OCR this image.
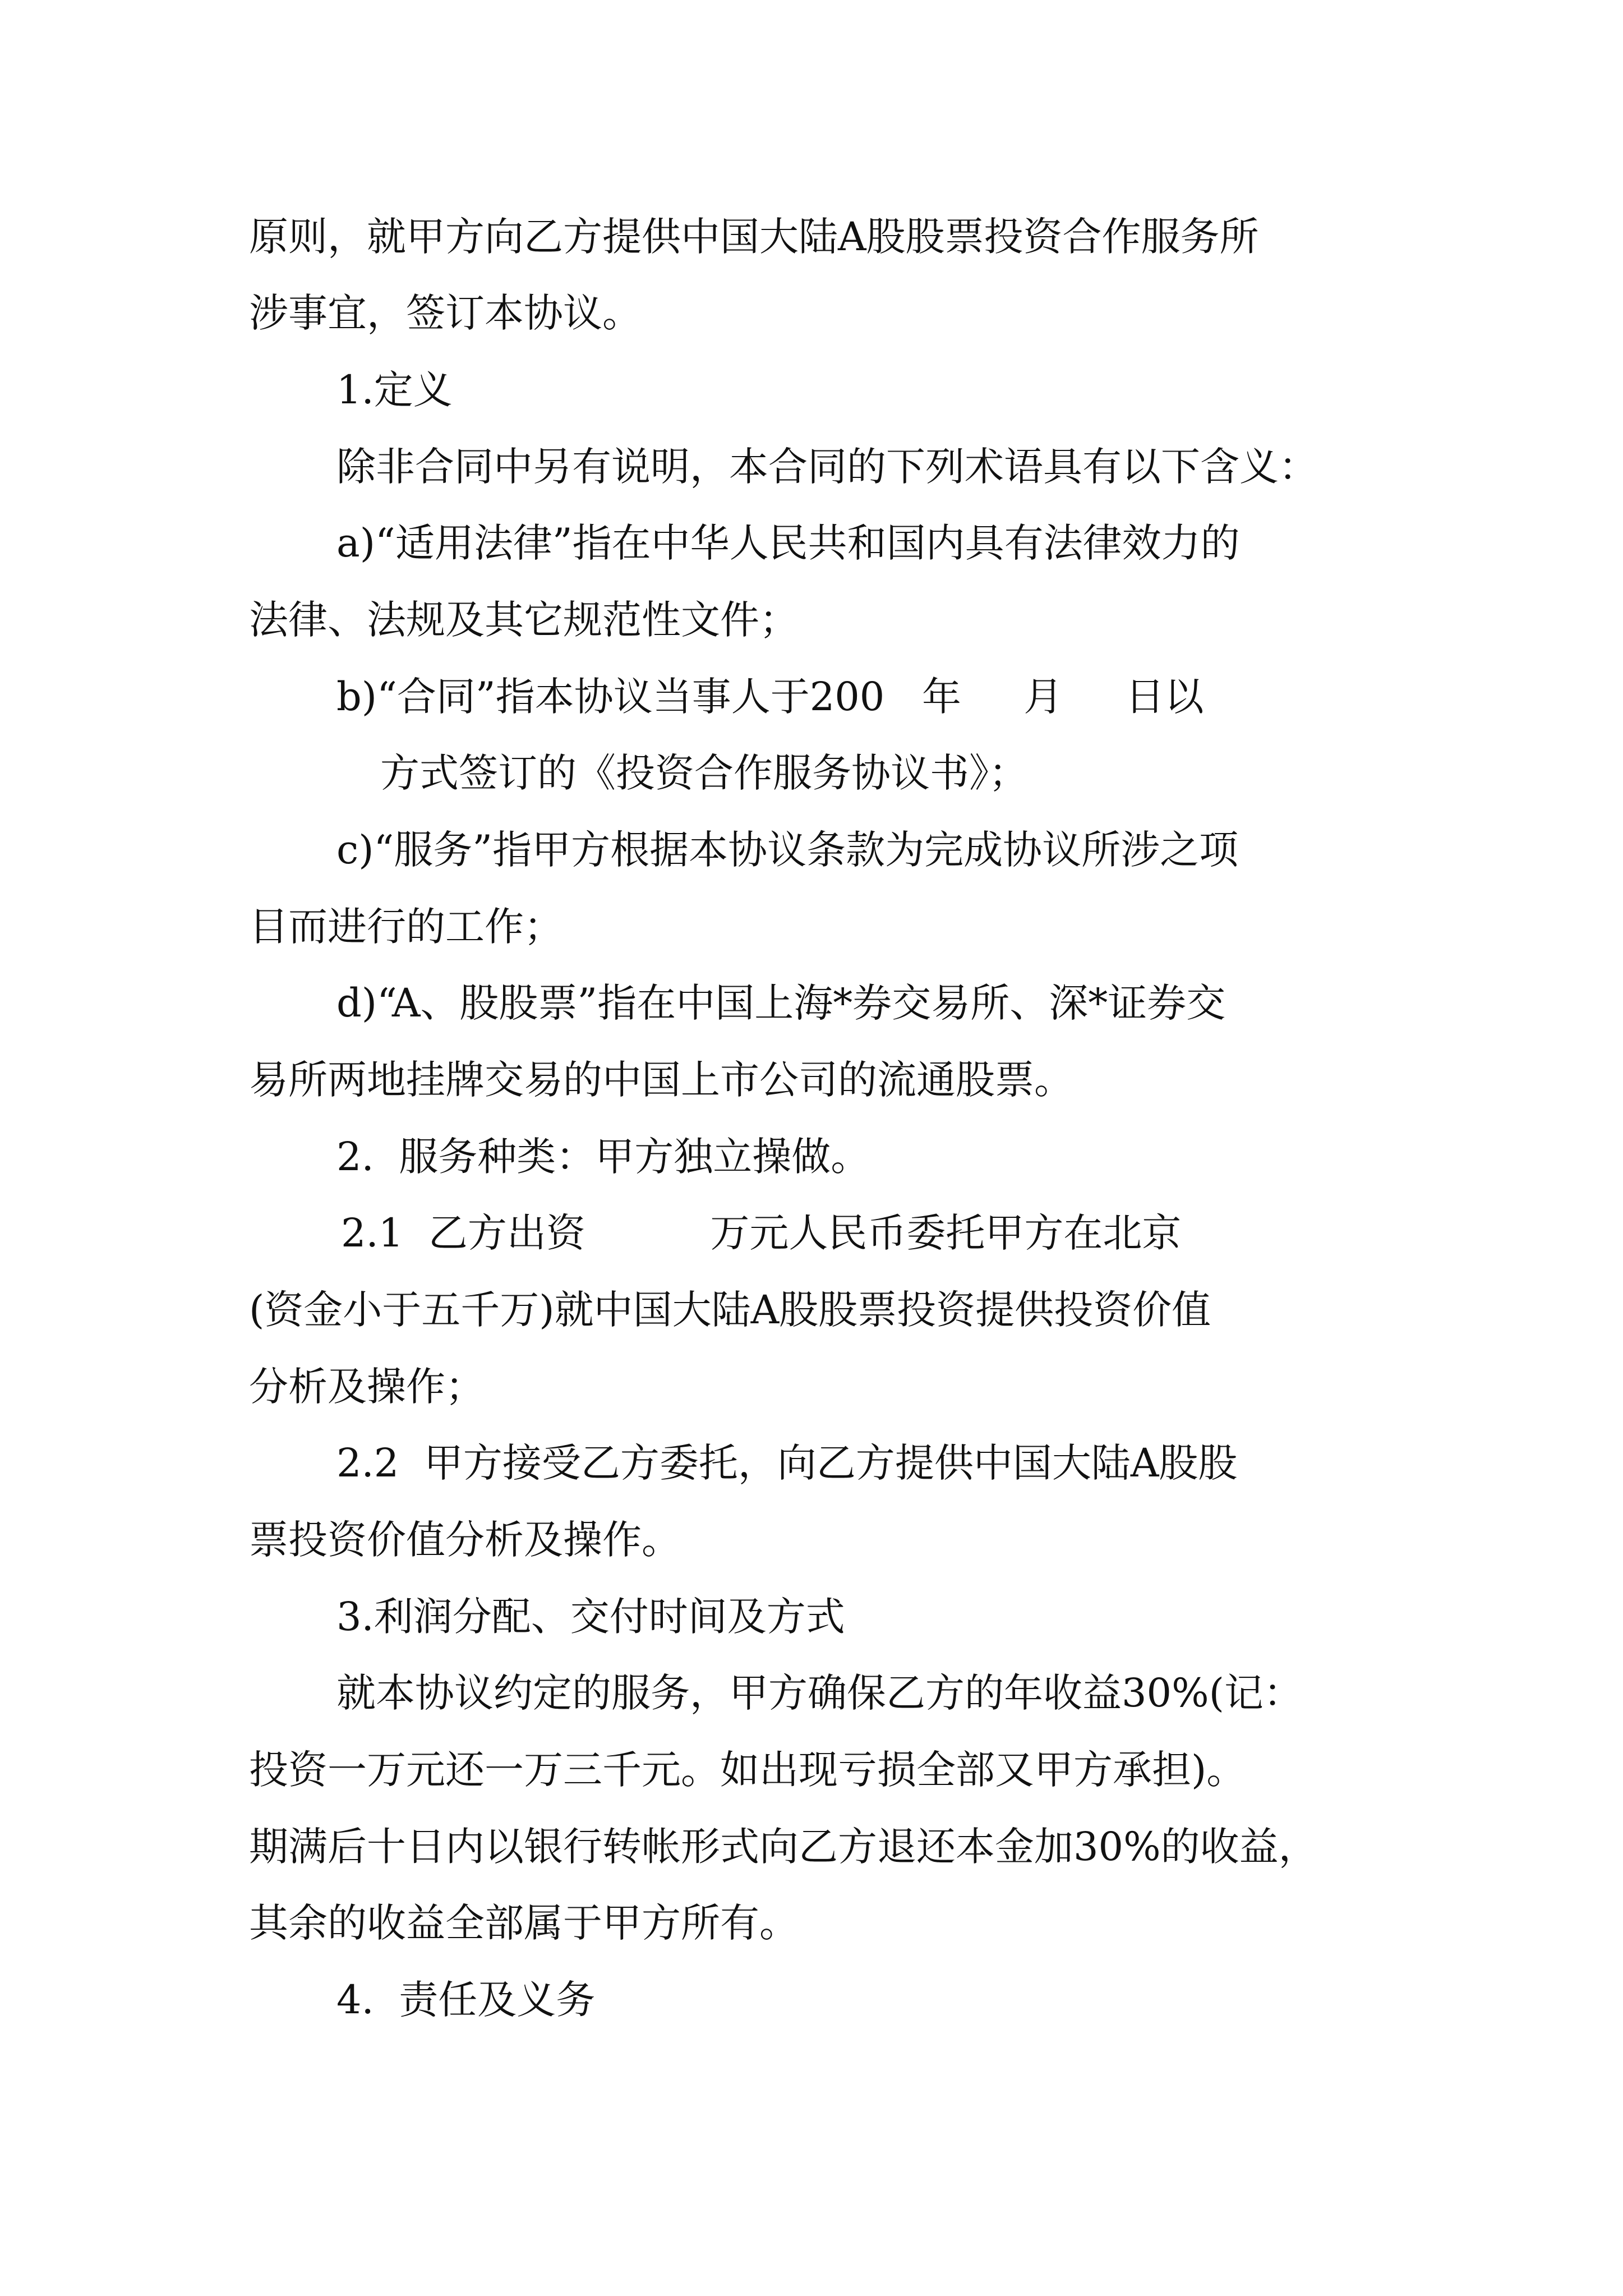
原则，就甲方向乙方提供中国大陆A股股票投资合作服务所

涉事宜，签订本协议。

1.定义

除非合同中另有说明，本合同的下列术语具有以下含义：

a)“适用法律”指在中华人民共和国内具有法律效力的

法律、法规及其它规范性文件；

b)“合同”指本协议当事人于200   年     月     日以

方式签订的《投资合作服务协议书》；

c)“服务”指甲方根据本协议条款为完成协议所涉之项

目而进行的工作；

d)“A、股股票”指在中国上海*券交易所、深*证券交

易所两地挂牌交易的中国上市公司的流通股票。

2.  服务种类：甲方独立操做。

2.1  乙方出资          万元人民币委托甲方在北京

(资金小于五千万)就中国大陆A股股票投资提供投资价值

分析及操作；

2.2  甲方接受乙方委托，向乙方提供中国大陆A股股

票投资价值分析及操作。

3.利润分配、交付时间及方式

就本协议约定的服务，甲方确保乙方的年收益30%(记：

投资一万元还一万三千元。如出现亏损全部又甲方承担)。

期满后十日内以银行转帐形式向乙方退还本金加30%的收益，

其余的收益全部属于甲方所有。

4.  责任及义务
